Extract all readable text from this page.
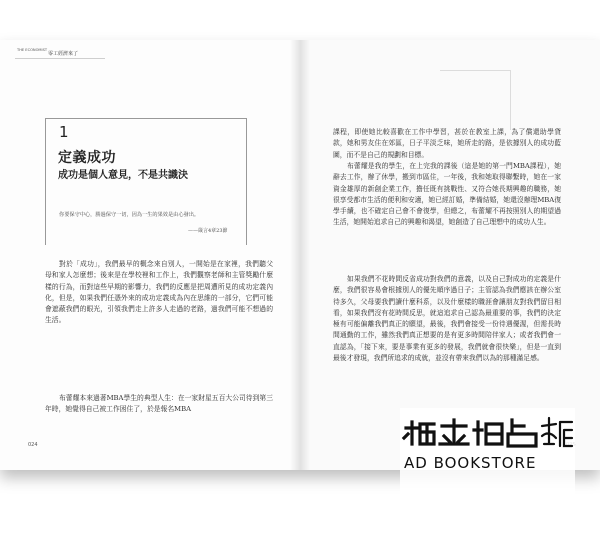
THE ECONOMIST
零工經濟來了
1
定義成功
成功是個人意見，不是共識決
你要保守中心，勝過保守一切，因為一生的果效是由心發出。
——箴言4章23節
對於「成功」，我們最早的概念來自別人，一開始是在家裡，我們聽父母和家人怎麼想；後來是在學校裡和工作上，我們觀察老師和主管獎勵什麼樣的行為，而對這些早期的影響力，我們的反應是把周遭所見的成功定義內化，但是，如果我們任憑外來的成功定義成為內在思維的一部分，它們可能會遮蔽我們的眼光，引領我們走上許多人走過的老路，過我們可能不想過的生活。
布蕾耀本來過著MBA學生的典型人生：在一家財星五百大公司待到第三年時，她覺得自己被工作困住了，於是報名MBA
課程，即使她比較喜歡在工作中學習，甚於在教室上課，為了償還助學貸款，她和男友住在郊區，日子平淡乏味，她所走的路，是依據別人的成功藍圖，而不是自己的規劃和目標。
布蕾耀是我的學生，在上完我的課後（這是她的第一門MBA課程），她辭去工作，辦了休學，搬到市區住，一年後，我和她取得聯繫時，她在一家資金雄厚的新創企業工作，擔任既有挑戰性、又符合她長期興趣的職務，她很享受都市生活的便利和安適，她已經訂婚，準備結婚，她還沒辦理MBA復學手續，也不確定自己會不會復學，但總之，布蕾耀不再按照別人的期望過生活，她開始追求自己的興趣和渴望，她創造了自己理想中的成功人生。
如果我們不花時間反省成功對我們的意義，以及自己對成功的定義是什麼，我們很容易會根據別人的優先順序過日子；主管認為我們應該在辦公室待多久，父母要我們讀什麼科系，以及什麼樣的職涯會讓朋友對我們留目相看，如果我們沒有花時間反思，就這追求自己認為最重要的事，我們的決定極有可能偏離我們真正的願望，最後，我們會接受一份待遇優渥，但需長時間通勤的工作，雖然我們真正想要的是有更多時間陪伴家人；或者我們會一直認為，「接下來，要是事業有更多的發展，我們就會很快樂」，但是一直到最後才發現，我們所追求的成就，並沒有帶來我們以為的那種滿足感。
024
AD BOOKSTORE
